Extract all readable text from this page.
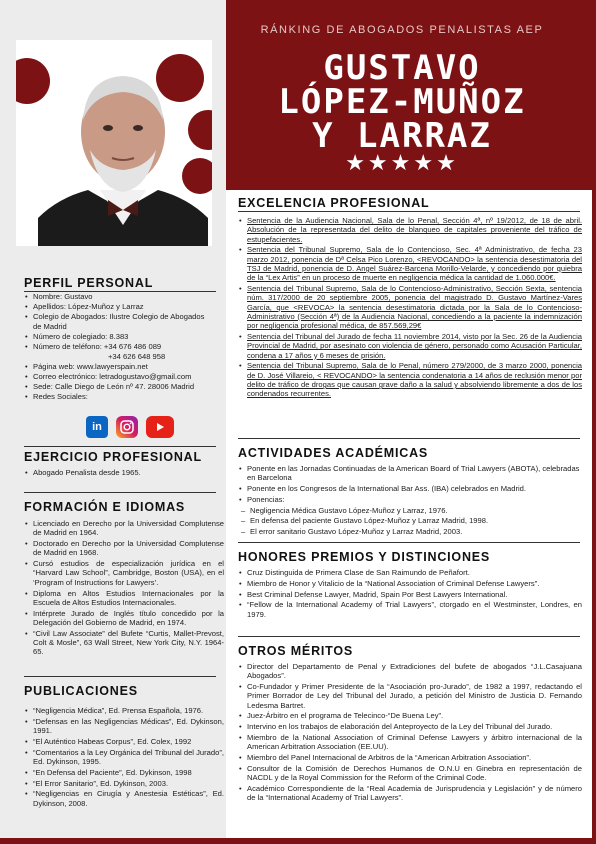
RÁNKING DE ABOGADOS PENALISTAS AEP
GUSTAVO
LÓPEZ-MUÑOZ
Y LARRAZ
★★★★★
PERFIL PERSONAL
• Nombre: Gustavo
• Apellidos: López-Muñoz y Larraz
• Colegio de Abogados: Ilustre Colegio de Abogados
de Madrid
• Número de colegiado: 8.383
• Número de teléfono: +34 676 486 089
+34 626 648 958
• Página web: www.lawyerspain.net
• Correo electrónico: letradogustavo@gmail.com
• Sede: Calle Diego de León nº 47. 28006 Madrid
• Redes Sociales:
in
EJERCICIO PROFESIONAL
• Abogado Penalista desde 1965.
FORMACIÓN E IDIOMAS
• Licenciado en Derecho por la Universidad Complutense de Madrid en 1964.
• Doctorado en Derecho por la Universidad Complutense de Madrid en 1968.
• Cursó estudios de especialización jurídica en el “Harvard Law School”, Cambridge, Boston (USA), en el ‘Program of Instructions for Lawyers’.
• Diploma en Altos Estudios Internacionales por la Escuela de Altos Estudios Internacionales.
• Intérprete Jurado de Inglés título concedido por la Delegación del Gobierno de Madrid, en 1974.
• “Civil Law Associate” del Bufete “Curtis, Mallet-Prevost, Colt & Mosle”, 63 Wall Street, New York City, N.Y. 1964-65.
PUBLICACIONES
• “Negligencia Médica”, Ed. Prensa Española, 1976.
• “Defensas en las Negligencias Médicas”, Ed. Dykinson, 1991.
• “El Auténtico Habeas Corpus”, Ed. Colex, 1992
• “Comentarios a la Ley Orgánica del Tribunal del Jurado”, Ed. Dykinson, 1995.
• “En Defensa del Paciente”, Ed. Dykinson, 1998
• “El Error Sanitario”, Ed. Dykinson, 2003.
• “Negligencias en Cirugía y Anestesia Estéticas”, Ed. Dykinson, 2008.
EXCELENCIA PROFESIONAL
• Sentencia de la Audiencia Nacional, Sala de lo Penal, Sección 4ª, nº 19/2012, de 18 de abril. Absolución de la representada del delito de blanqueo de capitales proveniente del tráfico de estupefacientes.
• Sentencia del Tribunal Supremo, Sala de lo Contencioso, Sec. 4ª Administrativo, de fecha 23 marzo 2012, ponencia de Dª Celsa Pico Lorenzo, <REVOCANDO> la sentencia desestimatoria del TSJ de Madrid, ponencia de D. Angel Suárez-Barcena Morillo-Velarde, y concediendo por quiebra de la “Lex Artis” en un proceso de muerte en negligencia médica la cantidad de 1.060.000€.
• Sentencia del Tribunal Supremo, Sala de lo Contencioso-Administrativo, Sección Sexta, sentencia núm. 317/2000 de 20 septiembre 2005, ponencia del magistrado D. Gustavo Martínez-Vares García, que <REVOCA> la sentencia desestimatoria dictada por la Sala de lo Contencioso-Administrativo (Sección 4ª) de la Audiencia Nacional, concediendo a la paciente la indemnización por negligencia profesional médica, de 857.569,29€
• Sentencia del Tribunal del Jurado de fecha 11 noviembre 2014, visto por la Sec. 26 de la Audiencia Provincial de Madrid, por asesinato con violencia de género, personado como Acusación Particular, condena a 17 años y 6 meses de prisión.
• Sentencia del Tribunal Supremo, Sala de lo Penal, número 279/2000, de 3 marzo 2000, ponencia de D. José Villareio, < REVOCANDO> la sentencia condenatoria a 14 años de reclusión menor por delito de tráfico de drogas que causan grave daño a la salud y absolviendo libremente a dos de los condenados recurrentes.
ACTIVIDADES ACADÉMICAS
• Ponente en las Jornadas Continuadas de la American Board of Trial Lawyers (ABOTA), celebradas en Barcelona
• Ponente en los Congresos de la International Bar Ass. (IBA) celebrados en Madrid.
• Ponencias:
– Negligencia Médica Gustavo López-Muñoz y Larraz, 1976.
– En defensa del paciente Gustavo López-Muñoz y Larraz Madrid, 1998.
– El error sanitario Gustavo López-Muñoz y Larraz Madrid, 2003.
HONORES PREMIOS Y DISTINCIONES
• Cruz Distinguida de Primera Clase de San Raimundo de Peñafort.
• Miembro de Honor y Vitalicio de la “National Association of Criminal Defense Lawyers”.
• Best Criminal Defense Lawyer, Madrid, Spain Por Best Lawyers International.
• “Fellow de la International Academy of Trial Lawyers”, ctorgado en el Westminster, Londres, en 1979.
OTROS MÉRITOS
• Director del Departamento de Penal y Extradiciones del bufete de abogados “J.L.Casajuana Abogados”.
• Co-Fundador y Primer Presidente de la “Asociación pro-Jurado”, de 1982 a 1997, redactando el Primer Borrador de Ley del Tribunal del Jurado, a petición del Ministro de Justicia D. Fernando Ledesma Bartret.
• Juez-Árbitro en el programa de Telecinco-“De Buena Ley”.
• Intervino en los trabajos de elaboración del Anteproyecto de la Ley del Tribunal del Jurado.
• Miembro de la National Association of Criminal Defense Lawyers y árbitro internacional de la American Arbitration Association (EE.UU).
• Miembro del Panel Internacional de Arbitros de la “American Arbitration Association”.
• Consultor de la Comisión de Derechos Humanos de O.N.U en Ginebra en representación de NACDL y de la Royal Commission for the Reform of the Criminal Code.
• Académico Correspondiente de la “Real Academia de Jurisprudencia y Legislación” y de número de la “International Academy of Trial Lawyers”.
